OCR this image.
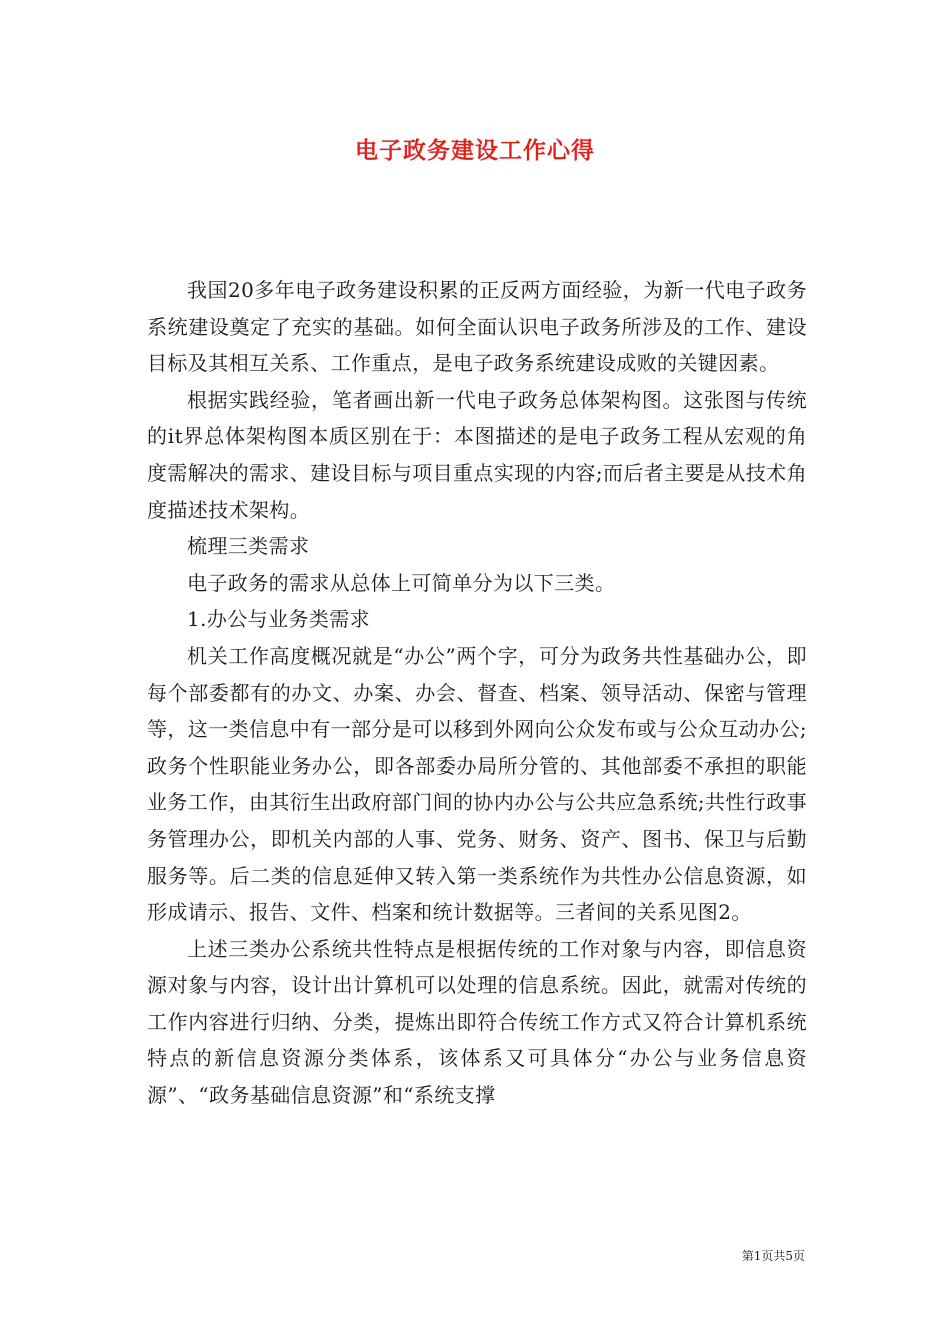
电子政务建设工作心得

我国20多年电子政务建设积累的正反两方面经验，为新一代电子政务系统建设奠定了充实的基础。如何全面认识电子政务所涉及的工作、建设目标及其相互关系、工作重点，是电子政务系统建设成败的关键因素。

根据实践经验，笔者画出新一代电子政务总体架构图。这张图与传统的it界总体架构图本质区别在于：本图描述的是电子政务工程从宏观的角度需解决的需求、建设目标与项目重点实现的内容;而后者主要是从技术角度描述技术架构。

梳理三类需求

电子政务的需求从总体上可简单分为以下三类。

1.办公与业务类需求

机关工作高度概况就是“办公”两个字，可分为政务共性基础办公，即每个部委都有的办文、办案、办会、督查、档案、领导活动、保密与管理等，这一类信息中有一部分是可以移到外网向公众发布或与公众互动办公;政务个性职能业务办公，即各部委办局所分管的、其他部委不承担的职能业务工作，由其衍生出政府部门间的协内办公与公共应急系统;共性行政事务管理办公，即机关内部的人事、党务、财务、资产、图书、保卫与后勤服务等。后二类的信息延伸又转入第一类系统作为共性办公信息资源，如形成请示、报告、文件、档案和统计数据等。三者间的关系见图2。

上述三类办公系统共性特点是根据传统的工作对象与内容，即信息资源对象与内容，设计出计算机可以处理的信息系统。因此，就需对传统的工作内容进行归纳、分类，提炼出即符合传统工作方式又符合计算机系统特点的新信息资源分类体系，该体系又可具体分“办公与业务信息资源”、“政务基础信息资源”和“系统支撑

第1页共5页
